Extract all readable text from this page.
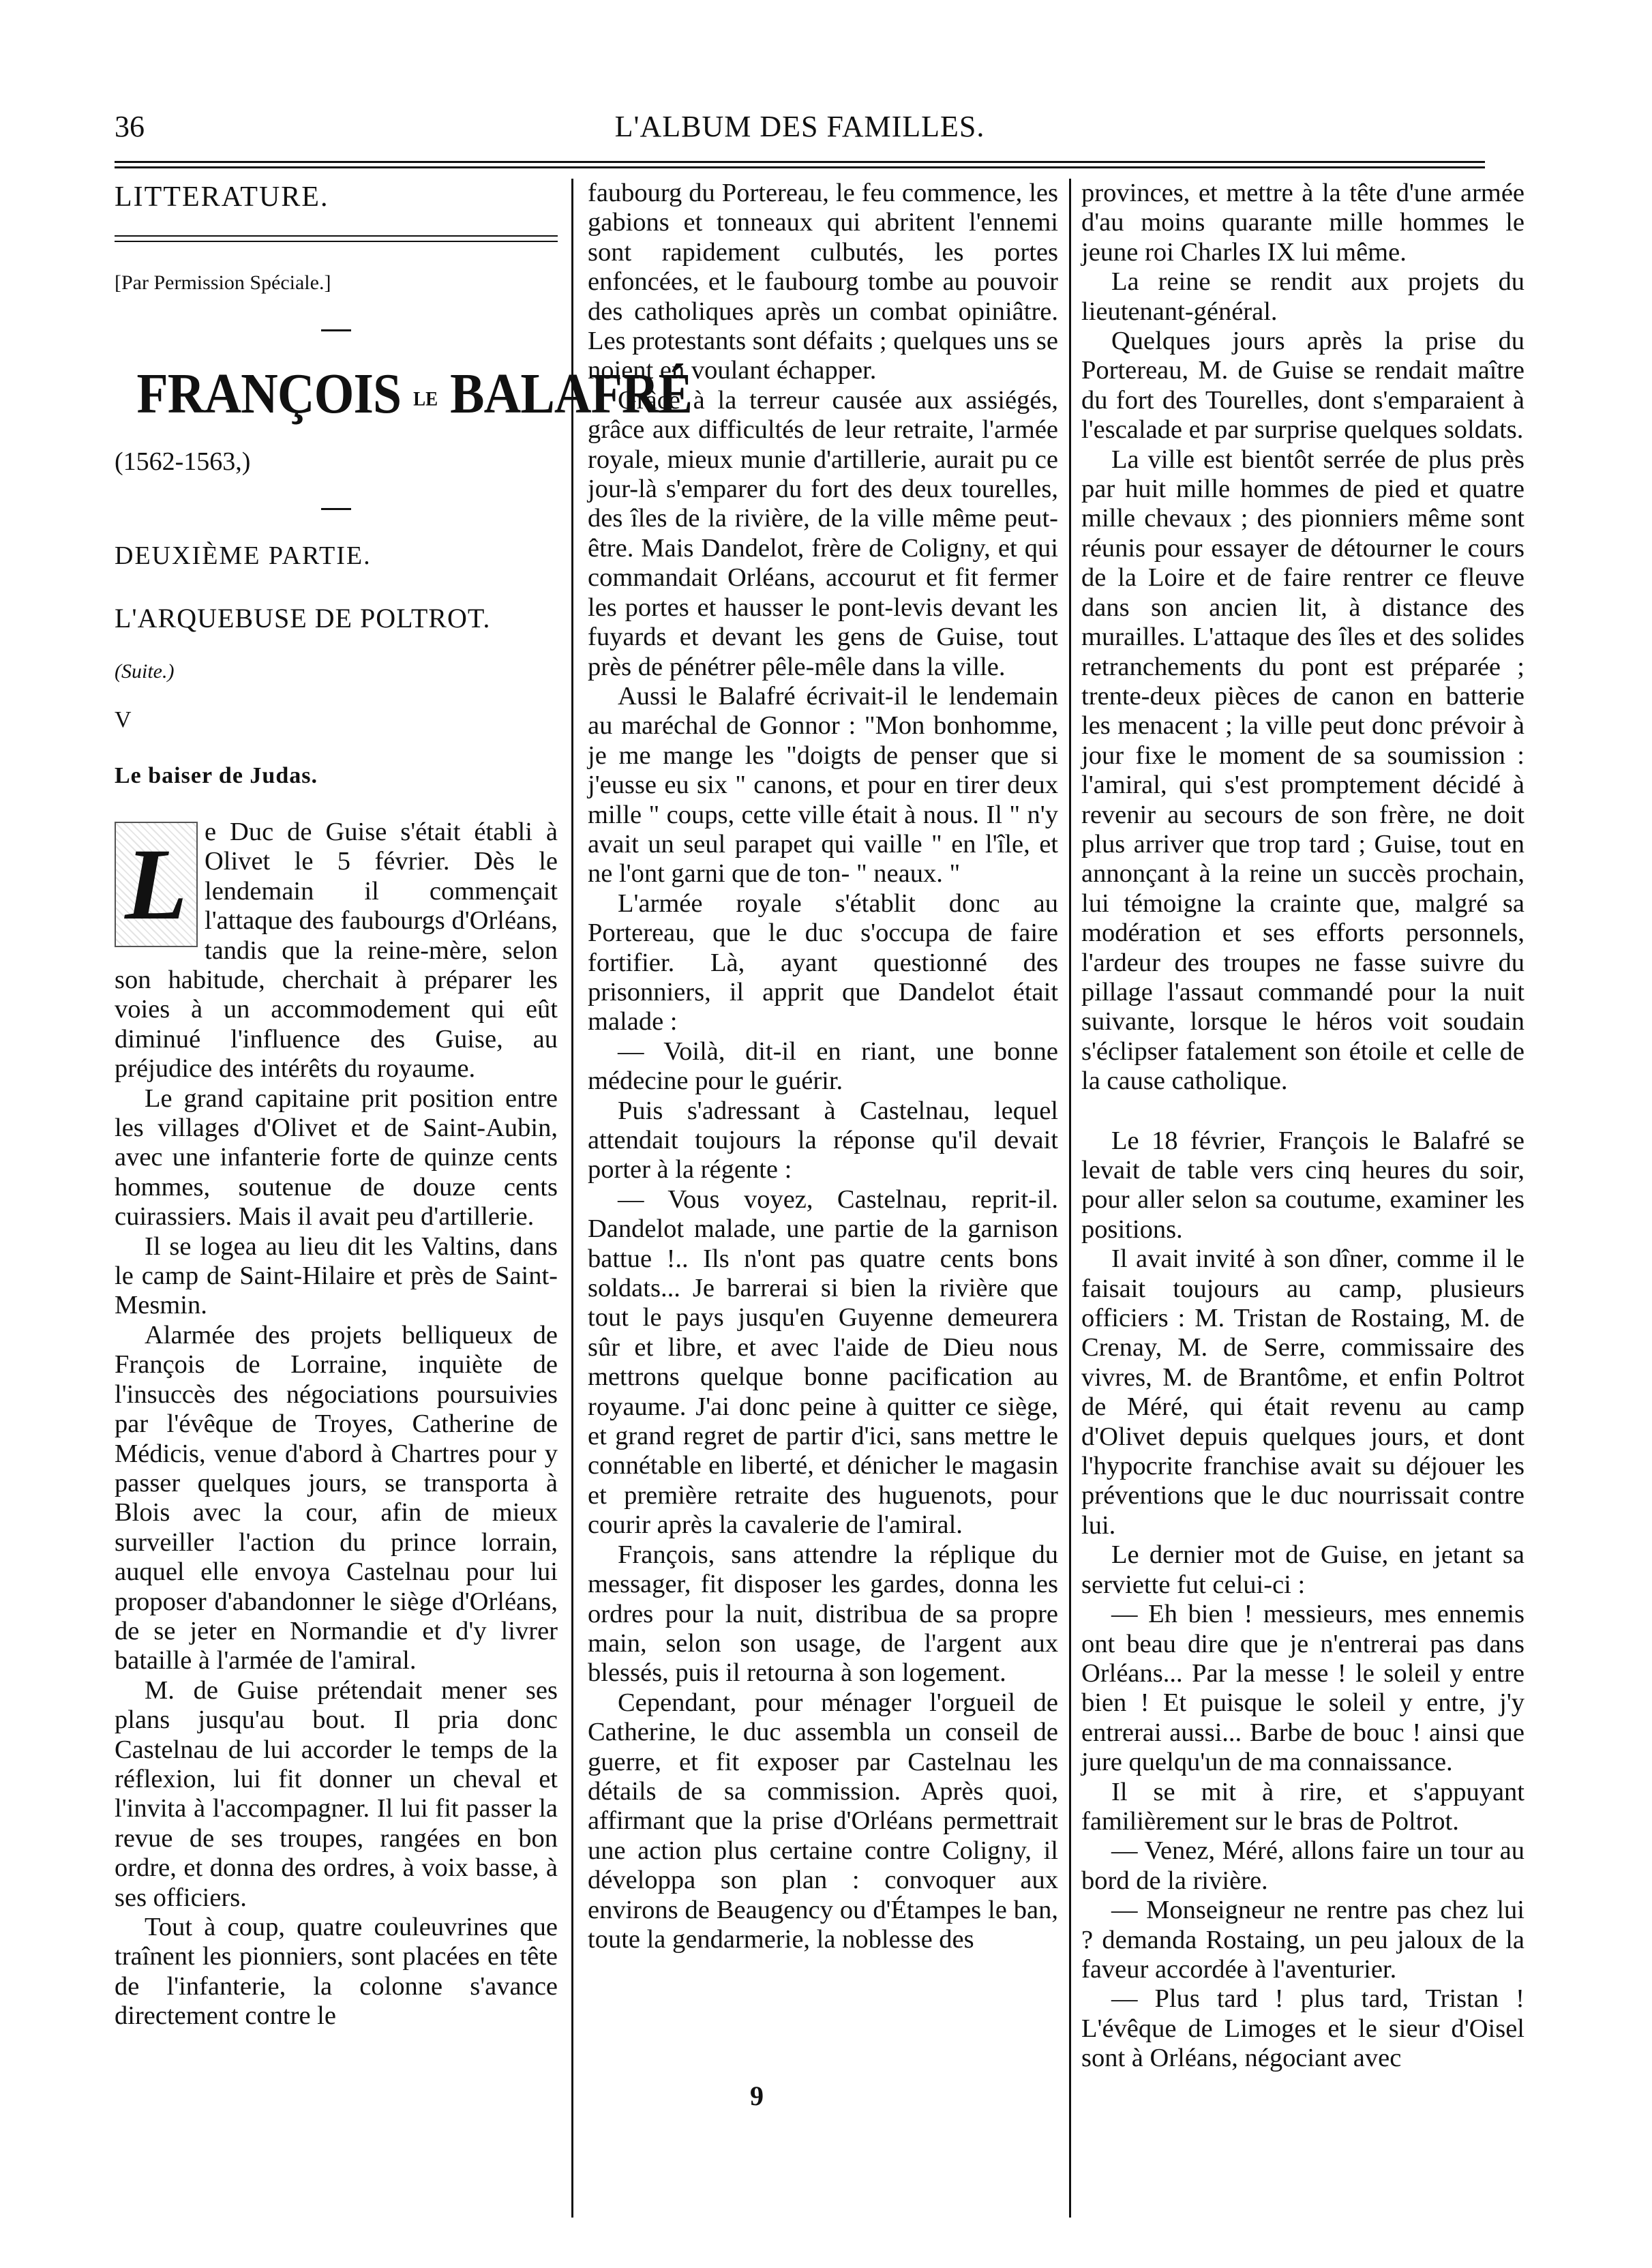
36	L'ALBUM DES FAMILLES.

LITTERATURE.

[Par Permission Spéciale.]

FRANÇOIS LE BALAFRÉ

(1562-1563,)

DEUXIÈME PARTIE.

L'ARQUEBUSE DE POLTROT.

(Suite.)

V

Le baiser de Judas.

L e Duc de Guise s'était établi à Olivet le 5 février. Dès le lendemain il commençait l'attaque des faubourgs d'Orléans, tandis que la reine-mère, selon son habitude, cherchait à préparer les voies à un accommodement qui eût diminué l'influence des Guise, au préjudice des intérêts du royaume.

Le grand capitaine prit position entre les villages d'Olivet et de Saint-Aubin, avec une infanterie forte de quinze cents hommes, soutenue de douze cents cuirassiers. Mais il avait peu d'artillerie.

Il se logea au lieu dit les Valtins, dans le camp de Saint-Hilaire et près de Saint-Mesmin.

Alarmée des projets belliqueux de François de Lorraine, inquiète de l'insuccès des négociations poursuivies par l'évêque de Troyes, Catherine de Médicis, venue d'abord à Chartres pour y passer quelques jours, se transporta à Blois avec la cour, afin de mieux surveiller l'action du prince lorrain, auquel elle envoya Castelnau pour lui proposer d'abandonner le siège d'Orléans, de se jeter en Normandie et d'y livrer bataille à l'armée de l'amiral.

M. de Guise prétendait mener ses plans jusqu'au bout. Il pria donc Castelnau de lui accorder le temps de la réflexion, lui fit donner un cheval et l'invita à l'accompagner. Il lui fit passer la revue de ses troupes, rangées en bon ordre, et donna des ordres, à voix basse, à ses officiers.

Tout à coup, quatre couleuvrines que traînent les pionniers, sont placées en tête de l'infanterie, la colonne s'avance directement contre le

faubourg du Portereau, le feu commence, les gabions et tonneaux qui abritent l'ennemi sont rapidement culbutés, les portes enfoncées, et le faubourg tombe au pouvoir des catholiques après un combat opiniâtre. Les protestants sont défaits ; quelques uns se noient en voulant échapper.

Grâce à la terreur causée aux assiégés, grâce aux difficultés de leur retraite, l'armée royale, mieux munie d'artillerie, aurait pu ce jour-là s'emparer du fort des deux tourelles, des îles de la rivière, de la ville même peut-être. Mais Dandelot, frère de Coligny, et qui commandait Orléans, accourut et fit fermer les portes et hausser le pont-levis devant les fuyards et devant les gens de Guise, tout près de pénétrer pêle-mêle dans la ville.

Aussi le Balafré écrivait-il le lendemain au maréchal de Gonnor : "Mon bonhomme, je me mange les "doigts de penser que si j'eusse eu six " canons, et pour en tirer deux mille " coups, cette ville était à nous. Il " n'y avait un seul parapet qui vaille " en l'île, et ne l'ont garni que de ton- " neaux. "

L'armée royale s'établit donc au Portereau, que le duc s'occupa de faire fortifier. Là, ayant questionné des prisonniers, il apprit que Dandelot était malade :

— Voilà, dit-il en riant, une bonne médecine pour le guérir.

Puis s'adressant à Castelnau, lequel attendait toujours la réponse qu'il devait porter à la régente :

— Vous voyez, Castelnau, reprit-il. Dandelot malade, une partie de la garnison battue !.. Ils n'ont pas quatre cents bons soldats... Je barrerai si bien la rivière que tout le pays jusqu'en Guyenne demeurera sûr et libre, et avec l'aide de Dieu nous mettrons quelque bonne pacification au royaume. J'ai donc peine à quitter ce siège, et grand regret de partir d'ici, sans mettre le connétable en liberté, et dénicher le magasin et première retraite des huguenots, pour courir après la cavalerie de l'amiral.

François, sans attendre la réplique du messager, fit disposer les gardes, donna les ordres pour la nuit, distribua de sa propre main, selon son usage, de l'argent aux blessés, puis il retourna à son logement.

Cependant, pour ménager l'orgueil de Catherine, le duc assembla un conseil de guerre, et fit exposer par Castelnau les détails de sa commission. Après quoi, affirmant que la prise d'Orléans permettrait une action plus certaine contre Coligny, il développa son plan : convoquer aux environs de Beaugency ou d'Étampes le ban, toute la gendarmerie, la noblesse des

provinces, et mettre à la tête d'une armée d'au moins quarante mille hommes le jeune roi Charles IX lui même.

La reine se rendit aux projets du lieutenant-général.

Quelques jours après la prise du Portereau, M. de Guise se rendait maître du fort des Tourelles, dont s'emparaient à l'escalade et par surprise quelques soldats.

La ville est bientôt serrée de plus près par huit mille hommes de pied et quatre mille chevaux ; des pionniers même sont réunis pour essayer de détourner le cours de la Loire et de faire rentrer ce fleuve dans son ancien lit, à distance des murailles. L'attaque des îles et des solides retranchements du pont est préparée ; trente-deux pièces de canon en batterie les menacent ; la ville peut donc prévoir à jour fixe le moment de sa soumission : l'amiral, qui s'est promptement décidé à revenir au secours de son frère, ne doit plus arriver que trop tard ; Guise, tout en annonçant à la reine un succès prochain, lui témoigne la crainte que, malgré sa modération et ses efforts personnels, l'ardeur des troupes ne fasse suivre du pillage l'assaut commandé pour la nuit suivante, lorsque le héros voit soudain s'éclipser fatalement son étoile et celle de la cause catholique.

Le 18 février, François le Balafré se levait de table vers cinq heures du soir, pour aller selon sa coutume, examiner les positions.

Il avait invité à son dîner, comme il le faisait toujours au camp, plusieurs officiers : M. Tristan de Rostaing, M. de Crenay, M. de Serre, commissaire des vivres, M. de Brantôme, et enfin Poltrot de Méré, qui était revenu au camp d'Olivet depuis quelques jours, et dont l'hypocrite franchise avait su déjouer les préventions que le duc nourrissait contre lui.

Le dernier mot de Guise, en jetant sa serviette fut celui-ci :

— Eh bien ! messieurs, mes ennemis ont beau dire que je n'entrerai pas dans Orléans... Par la messe ! le soleil y entre bien ! Et puisque le soleil y entre, j'y entrerai aussi... Barbe de bouc ! ainsi que jure quelqu'un de ma connaissance.

Il se mit à rire, et s'appuyant familièrement sur le bras de Poltrot.

— Venez, Méré, allons faire un tour au bord de la rivière.

— Monseigneur ne rentre pas chez lui ? demanda Rostaing, un peu jaloux de la faveur accordée à l'aventurier.

— Plus tard ! plus tard, Tristan ! L'évêque de Limoges et le sieur d'Oisel sont à Orléans, négociant avec

9
